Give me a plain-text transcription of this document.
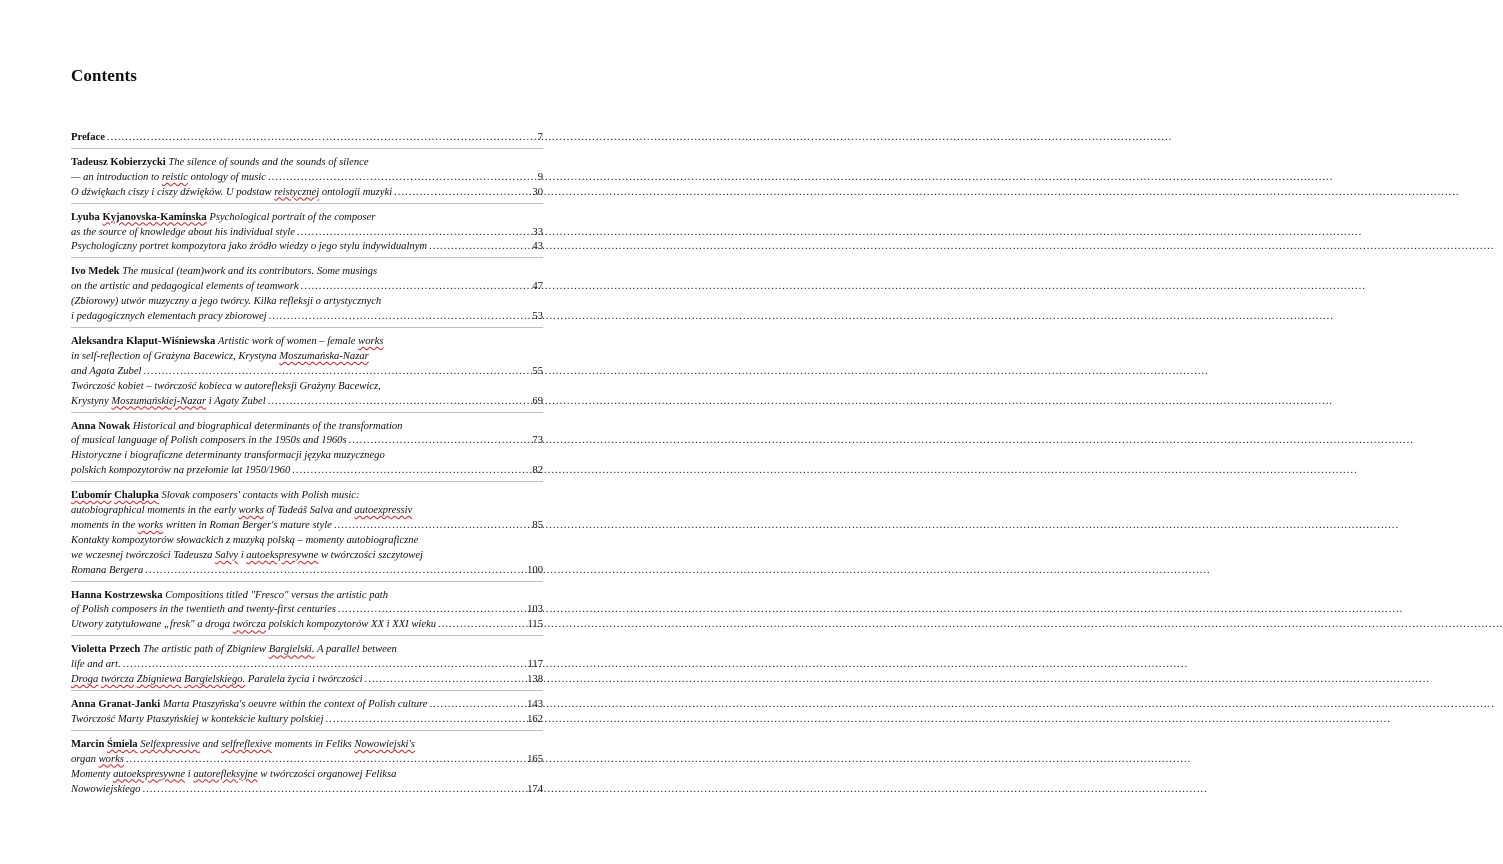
Contents
Preface .....	7
Tadeusz Kobierzycki The silence of sounds and the sounds of silence
— an introduction to reistic ontology of music .....	9
O dźwiękach ciszy i ciszy dźwięków. U podstaw reistycznej ontologii muzyki .....	30
Lyuba Kyjanovska-Kaminska Psychological portrait of the composer
as the source of knowledge about his individual style .....	33
Psychologiczny portret kompozytora jako źródło wiedzy o jego stylu indywidualnym .....	43
Ivo Medek The musical (team)work and its contributors. Some musings
on the artistic and pedagogical elements of teamwork .....	47
(Zbiorowy) utwór muzyczny a jego twórcy. Kilka refleksji o artystycznych
i pedagogicznych elementach pracy zbiorowej .....	53
Aleksandra Kłaput-Wiśniewska Artistic work of women – female works
in self-reflection of Grażyna Bacewicz, Krystyna Moszumańska-Nazar
and Agata Zubel .....	55
Twórczość kobiet – twórczość kobieca w autorefleksji Grażyny Bacewicz,
Krystyny Moszumańskiej-Nazar i Agaty Zubel .....	69
Anna Nowak Historical and biographical determinants of the transformation
of musical language of Polish composers in the 1950s and 1960s .....	73
Historyczne i biograficzne determinanty transformacji języka muzycznego
polskich kompozytorów na przełomie lat 1950/1960 .....	82
Ľubomír Chalupka Slovak composers' contacts with Polish music:
autobiographical moments in the early works of Tadeáš Salva and autoexpressiv
moments in the works written in Roman Berger's mature style .....	85
Kontakty kompozytorów słowackich z muzyką polską – momenty autobiograficzne
we wczesnej twórczości Tadeusza Salvy i autoekspresywne w twórczości szczytowej
Romana Bergera .....	100
Hanna Kostrzewska Compositions titled "Fresco" versus the artistic path
of Polish composers in the twentieth and twenty-first centuries .....	103
Utwory zatytułowane „fresk" a droga twórcza polskich kompozytorów XX i XXI wieku .....	115
Violetta Przech The artistic path of Zbigniew Bargielski. A parallel between
life and art. .....	117
Droga twórcza Zbigniewa Bargielskiego. Paralela życia i twórczości .....	138
Anna Granat-Janki Marta Ptaszyńska's oeuvre within the context of Polish culture .....	143
Twórczość Marty Ptaszyńskiej w kontekście kultury polskiej .....	162
Marcin Śmiela Selfexpressive and selfreflexive moments in Feliks Nowowiejski's
organ works .....	165
Momenty autoekspresywne i autorefleksyjne w twórczości organowej Feliksa
Nowowiejskiego .....	174
